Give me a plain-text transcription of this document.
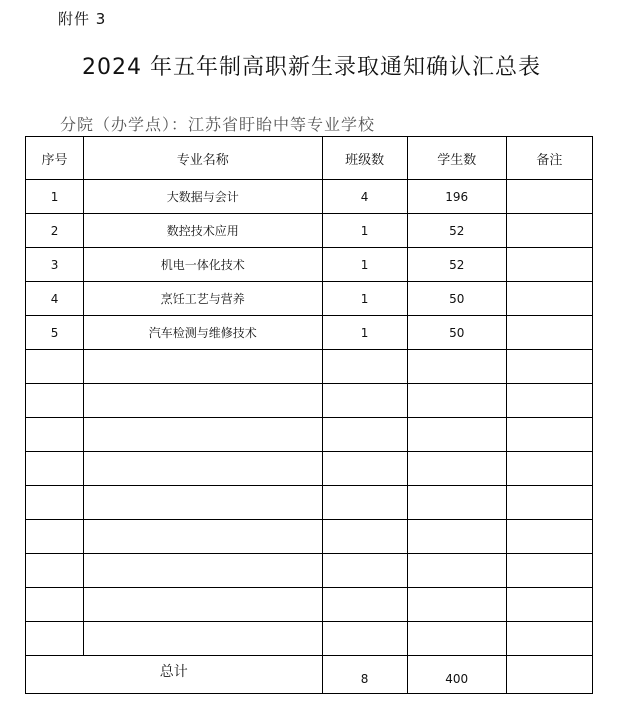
附件 3
2024 年五年制高职新生录取通知确认汇总表
分院（办学点）：江苏省盱眙中等专业学校
序号	专业名称	班级数	学生数	备注
1	大数据与会计	4	196	
2	数控技术应用	1	52	
3	机电一体化技术	1	52	
4	烹饪工艺与营养	1	50	
5	汽车检测与维修技术	1	50	

总计		8	400	
